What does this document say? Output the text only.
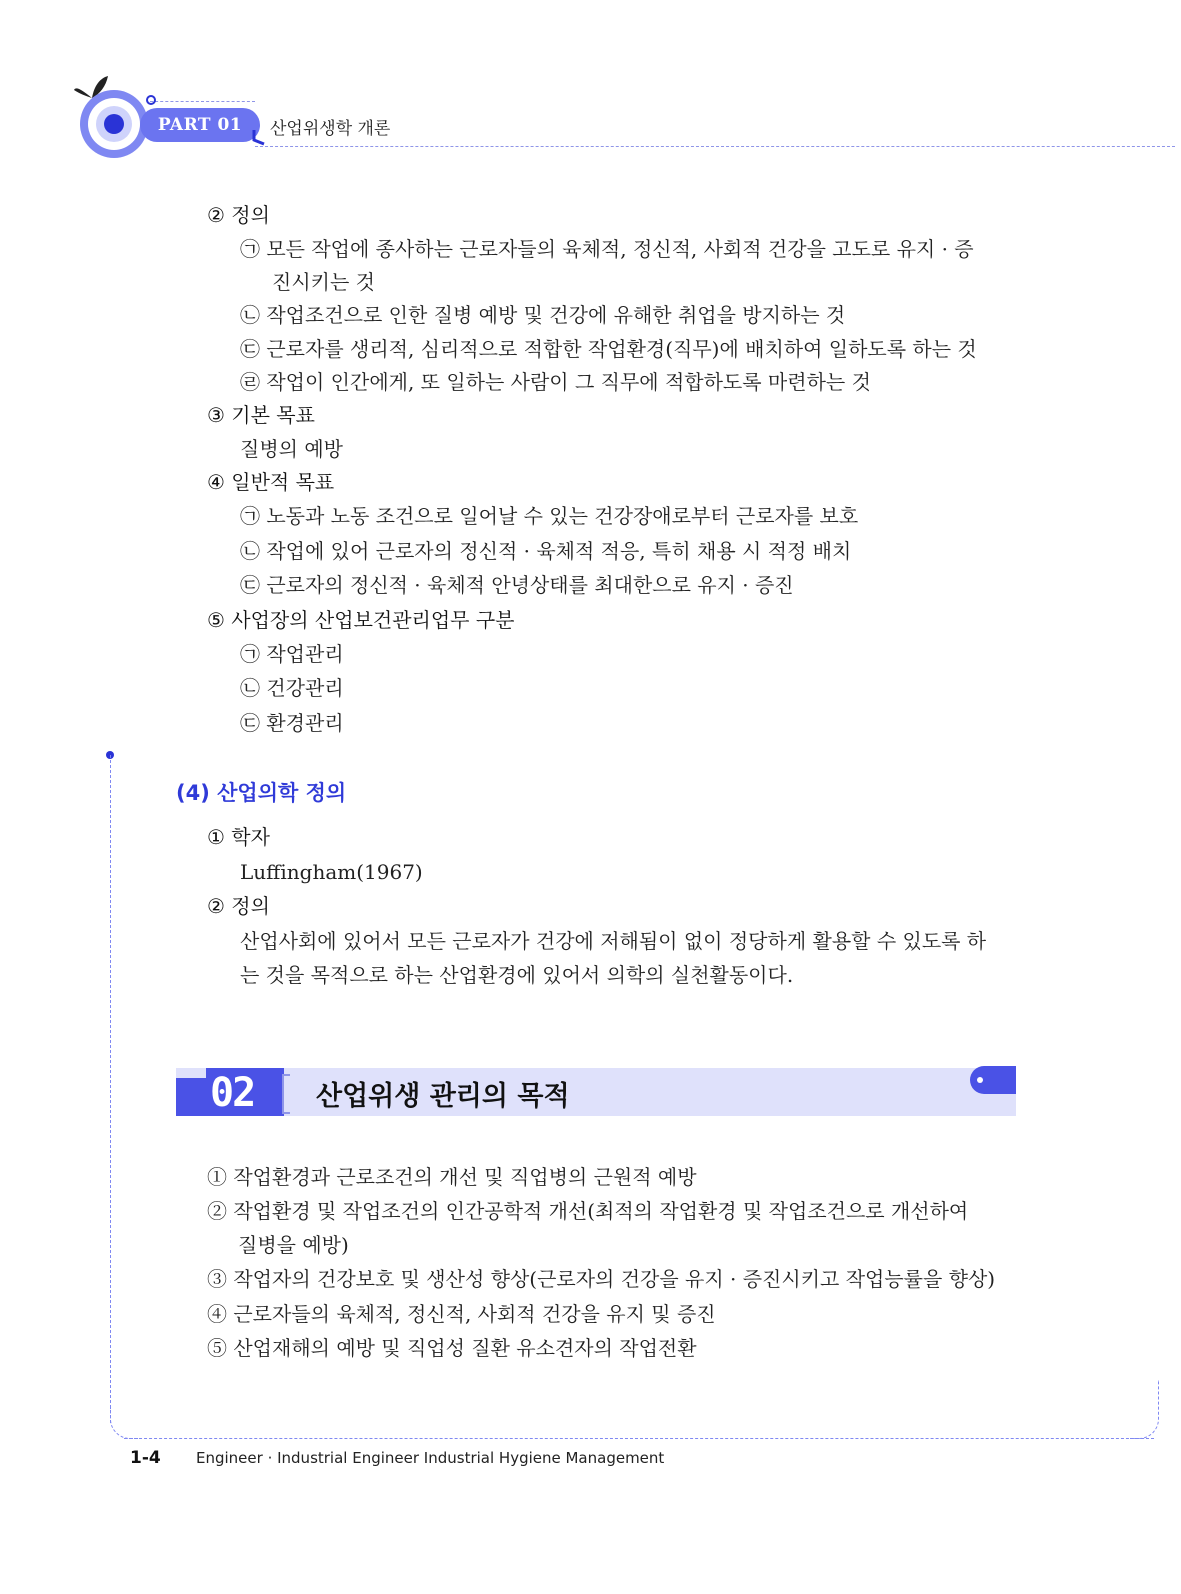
PART 01	산업위생학 개론
② 정의
㉠ 모든 작업에 종사하는 근로자들의 육체적, 정신적, 사회적 건강을 고도로 유지 · 증
진시키는 것
㉡ 작업조건으로 인한 질병 예방 및 건강에 유해한 취업을 방지하는 것
㉢ 근로자를 생리적, 심리적으로 적합한 작업환경(직무)에 배치하여 일하도록 하는 것
㉣ 작업이 인간에게, 또 일하는 사람이 그 직무에 적합하도록 마련하는 것
③ 기본 목표
질병의 예방
④ 일반적 목표
㉠ 노동과 노동 조건으로 일어날 수 있는 건강장애로부터 근로자를 보호
㉡ 작업에 있어 근로자의 정신적 · 육체적 적응, 특히 채용 시 적정 배치
㉢ 근로자의 정신적 · 육체적 안녕상태를 최대한으로 유지 · 증진
⑤ 사업장의 산업보건관리업무 구분
㉠ 작업관리
㉡ 건강관리
㉢ 환경관리
(4) 산업의학 정의
① 학자
Luffingham(1967)
② 정의
산업사회에 있어서 모든 근로자가 건강에 저해됨이 없이 정당하게 활용할 수 있도록 하
는 것을 목적으로 하는 산업환경에 있어서 의학의 실천활동이다.
02 산업위생 관리의 목적
① 작업환경과 근로조건의 개선 및 직업병의 근원적 예방
② 작업환경 및 작업조건의 인간공학적 개선(최적의 작업환경 및 작업조건으로 개선하여
질병을 예방)
③ 작업자의 건강보호 및 생산성 향상(근로자의 건강을 유지 · 증진시키고 작업능률을 향상)
④ 근로자들의 육체적, 정신적, 사회적 건강을 유지 및 증진
⑤ 산업재해의 예방 및 직업성 질환 유소견자의 작업전환
1-4 Engineer · Industrial Engineer Industrial Hygiene Management
